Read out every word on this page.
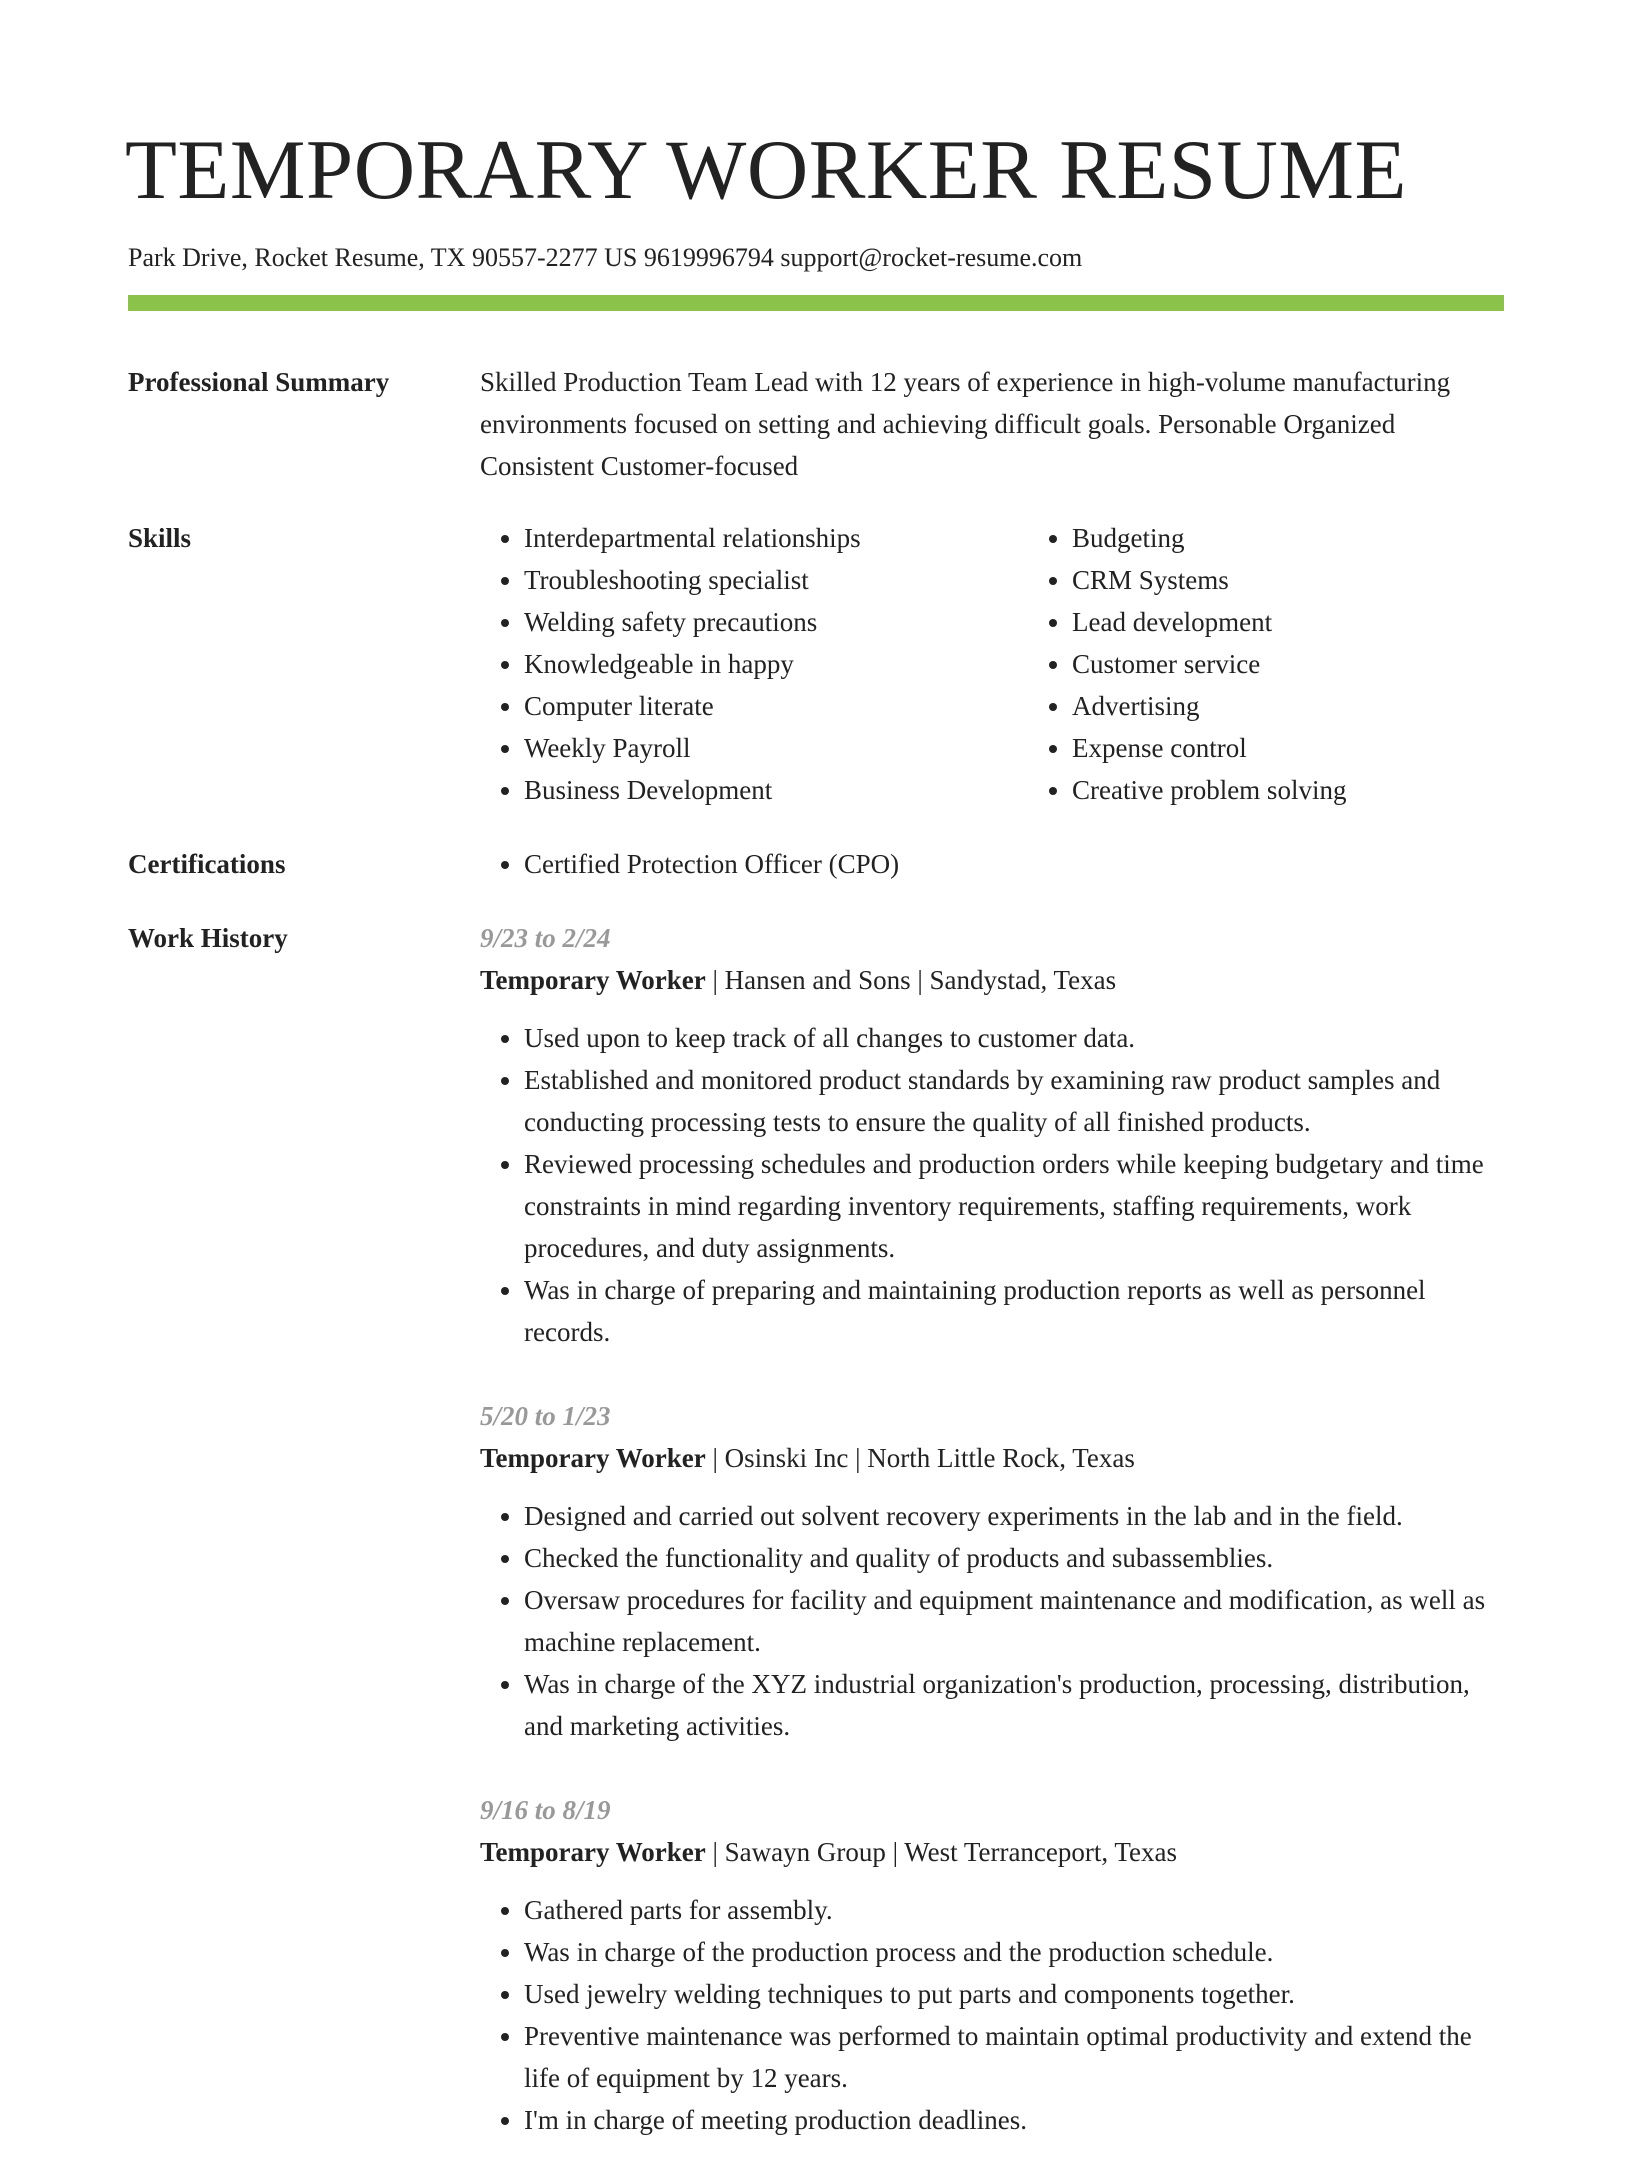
TEMPORARY WORKER RESUME
Park Drive, Rocket Resume, TX 90557-2277 US 9619996794 support@rocket-resume.com
Professional Summary	Skilled Production Team Lead with 12 years of experience in high-volume manufacturing environments focused on setting and achieving difficult goals. Personable Organized Consistent Customer-focused
Skills	• Interdepartmental relationships
• Troubleshooting specialist
• Welding safety precautions
• Knowledgeable in happy
• Computer literate
• Weekly Payroll
• Business Development
• Budgeting
• CRM Systems
• Lead development
• Customer service
• Advertising
• Expense control
• Creative problem solving
Certifications	• Certified Protection Officer (CPO)
Work History	9/23 to 2/24
Temporary Worker | Hansen and Sons | Sandystad, Texas
• Used upon to keep track of all changes to customer data.
• Established and monitored product standards by examining raw product samples and conducting processing tests to ensure the quality of all finished products.
• Reviewed processing schedules and production orders while keeping budgetary and time constraints in mind regarding inventory requirements, staffing requirements, work procedures, and duty assignments.
• Was in charge of preparing and maintaining production reports as well as personnel records.
5/20 to 1/23
Temporary Worker | Osinski Inc | North Little Rock, Texas
• Designed and carried out solvent recovery experiments in the lab and in the field.
• Checked the functionality and quality of products and subassemblies.
• Oversaw procedures for facility and equipment maintenance and modification, as well as machine replacement.
• Was in charge of the XYZ industrial organization's production, processing, distribution, and marketing activities.
9/16 to 8/19
Temporary Worker | Sawayn Group | West Terranceport, Texas
• Gathered parts for assembly.
• Was in charge of the production process and the production schedule.
• Used jewelry welding techniques to put parts and components together.
• Preventive maintenance was performed to maintain optimal productivity and extend the life of equipment by 12 years.
• I'm in charge of meeting production deadlines.
